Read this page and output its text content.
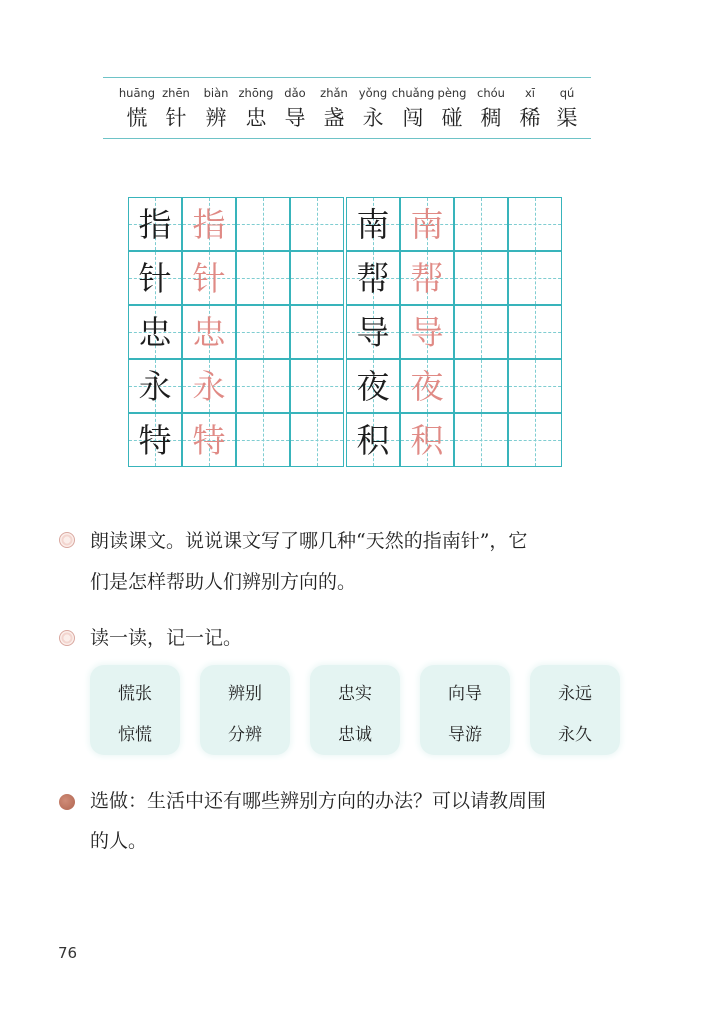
huāng
慌
zhēn
针
biàn
辨
zhōng
忠
dǎo
导
zhǎn
盏
yǒng
永
chuǎng
闯
pèng
碰
chóu
稠
xī
稀
qú
渠
指 指
针 针
忠 忠
永 永
特 特
南 南
帮 帮
导 导
夜 夜
积 积
朗读课文。说说课文写了哪几种“天然的指南针”，它
们是怎样帮助人们辨别方向的。
读一读，记一记。
慌张
惊慌
辨别
分辨
忠实
忠诚
向导
导游
永远
永久
选做：生活中还有哪些辨别方向的办法？可以请教周围
的人。
76
